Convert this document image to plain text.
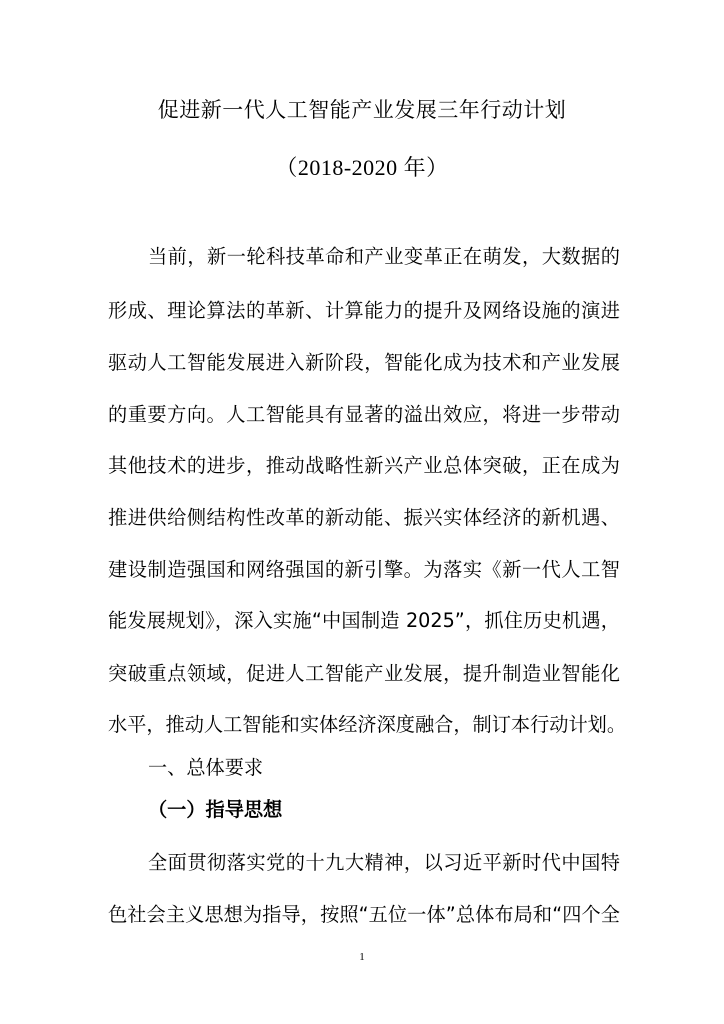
促进新一代人工智能产业发展三年行动计划
（2018-2020 年）
当前，新一轮科技革命和产业变革正在萌发，大数据的
形成、理论算法的革新、计算能力的提升及网络设施的演进
驱动人工智能发展进入新阶段，智能化成为技术和产业发展
的重要方向。人工智能具有显著的溢出效应，将进一步带动
其他技术的进步，推动战略性新兴产业总体突破，正在成为
推进供给侧结构性改革的新动能、振兴实体经济的新机遇、
建设制造强国和网络强国的新引擎。为落实《新一代人工智
能发展规划》，深入实施“中国制造 2025”，抓住历史机遇，
突破重点领域，促进人工智能产业发展，提升制造业智能化
水平，推动人工智能和实体经济深度融合，制订本行动计划。
一、总体要求
（一）指导思想
全面贯彻落实党的十九大精神，以习近平新时代中国特
色社会主义思想为指导，按照“五位一体”总体布局和“四个全
1
